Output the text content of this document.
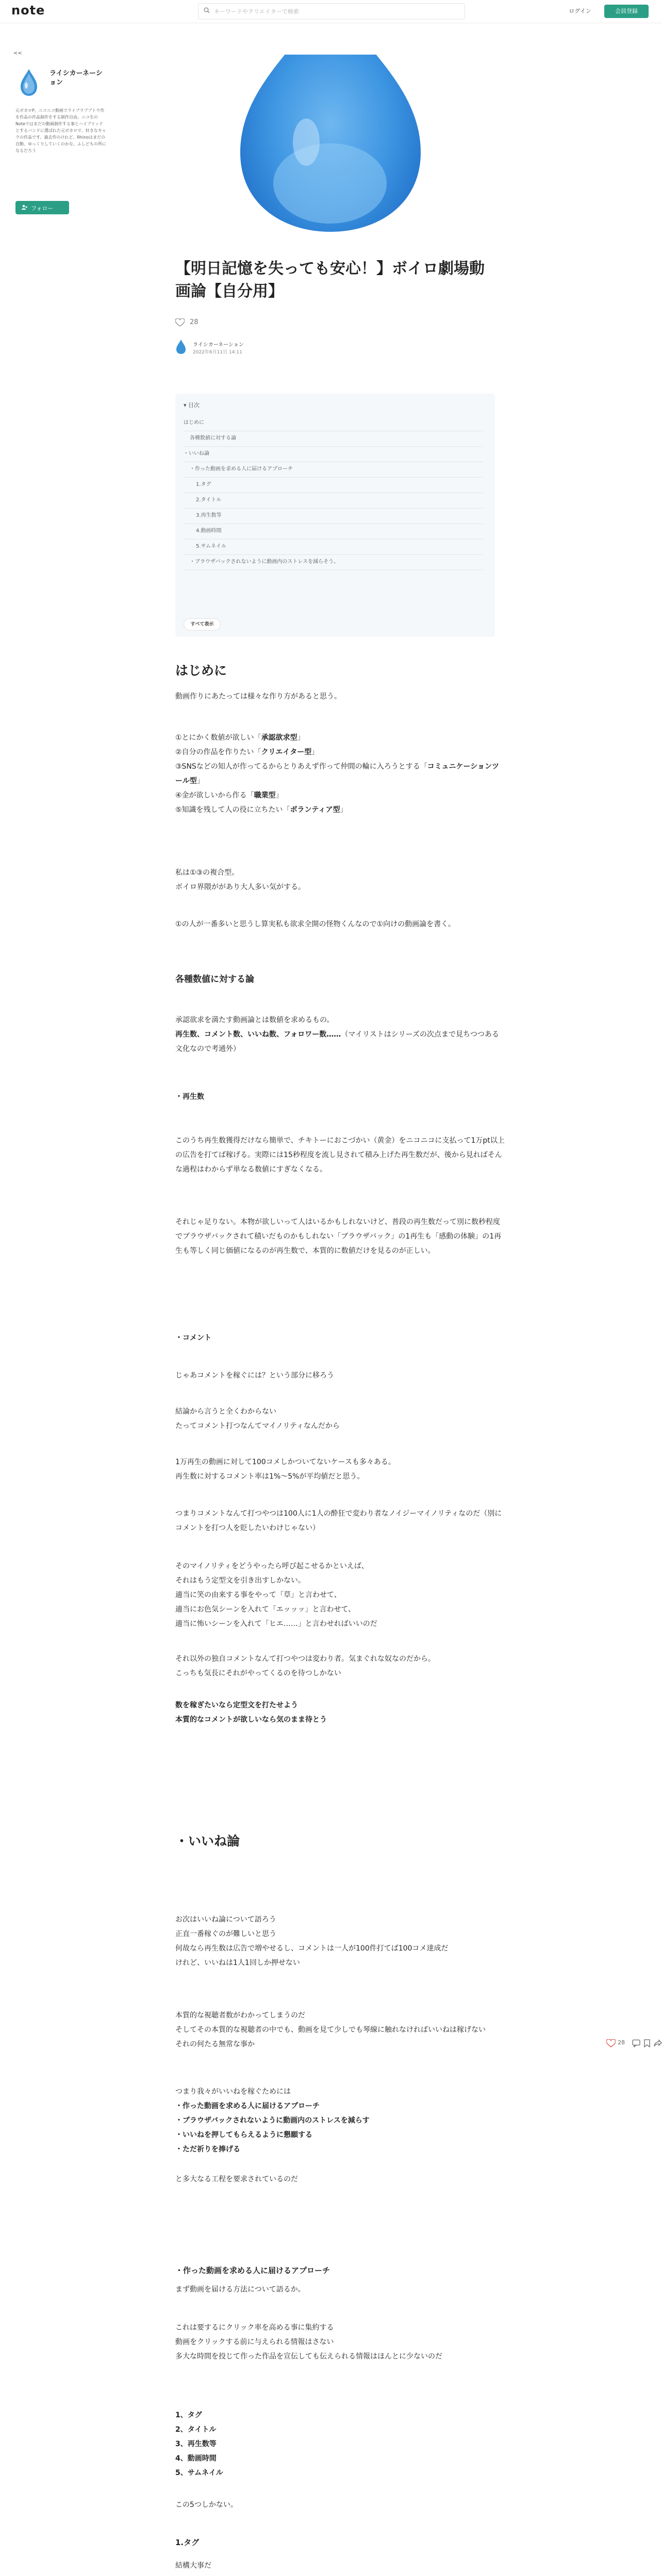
note	キーワードやクリエイターで検索	ログイン	会員登録
<<
ライシカーネーション
元ボカロP。ニコニコ動画でライブラブブトウ作を作品の作品制作をする制作自由。ニコ生のNoteではまだの動画制作する事とハイブリッドとするバンドに選ばれた元ボカロで、好きなキャラの作品です。過去作のけれど。Rhinoはまだの自動、ゆっくりしていくのかな、ふしどもの所になるだろう
フォロー
【明日記憶を失っても安心！】ボイロ劇場動画論【自分用】
28
ライシカーネーション
2022年6月11日 14:11
▾ 目次
はじめに
各種数値に対する論
・いいね論
・作った動画を求める人に届けるアプローチ
1.タグ
2.タイトル
3.再生数等
4.動画時間
5.サムネイル
・ブラウザバックされないように動画内のストレスを減らそう。
すべて表示
はじめに
動画作りにあたっては様々な作り方があると思う。

①とにかく数値が欲しい「承認欲求型」

②自分の作品を作りたい「クリエイター型」

③SNSなどの知人が作ってるからとりあえず作って仲間の輪に入ろうとする「コミュニケーションツール型」

④金が欲しいから作る「職業型」

⑤知識を残して人の役に立ちたい「ボランティア型」

私は①③の複合型。

ボイロ界隈ががあり大人多い気がする。

①の人が一番多いと思うし算実私も欲求全開の怪物くんなので①向けの動画論を書く。
各種数値に対する論

承認欲求を満たす動画論とは数値を求めるもの。

再生数、コメント数、いいね数、フォロワー数……（マイリストはシリーズの次点まで見ちつつある文化なので考通外）

・再生数
このうち再生数獲得だけなら簡単で、チキトーにおこづかい（黄金）をニコニコに支払って1万pt以上の広告を打てば稼げる。実際には15秒程度を流し見されて積み上げた再生数だが、後から見ればそんな過程はわからず単なる数値にすぎなくなる。
それじゃ足りない。本物が欲しいって人はいるかもしれないけど、普段の再生数だって別に数秒程度でブラウザバックされて積いだものかもしれない「ブラウザバック」の1再生も「感動の体験」の1再生も等しく同じ価値になるのが再生数で、本質的に数値だけを見るのが正しい。
・コメント
じゃあコメントを稼ぐには？という部分に移ろう
結論から言うと全くわからない
たってコメント打つなんてマイノリティなんだから
1万再生の動画に対して100コメしかついてないケースも多々ある。
再生数に対するコメント率は1%〜5%が平均値だと思う。
つまりコメントなんて打つやつは100人に1人の酔狂で変わり者なノイジーマイノリティなのだ（別にコメントを打つ人を貶したいわけじゃない）
そのマイノリティをどうやったら呼び起こせるかといえば、
それはもう定型文を引き出すしかない。
適当に笑の由来する事をやって「草」と言わせて、
適当にお色気シーンを入れて「エッッッ」と言わせて、
適当に怖いシーンを入れて「ヒエ……」と言わせればいいのだ
それ以外の独自コメントなんて打つやつは変わり者。気まぐれな奴なのだから。
こっちも気長にそれがやってくるのを待つしかない

数を稼ぎたいなら定型文を打たせよう

本質的なコメントが欲しいなら気のまま待とう

・いいね論
お次はいいね論について語ろう
正直一番稼ぐのが難しいと思う
何故なら再生数は広告で増やせるし、コメントは一人が100件打てば100コメ達成だ
けれど、いいねは1人1回しか押せない
本質的な視聴者数がわかってしまうのだ
そしてその本質的な視聴者の中でも、動画を見て少しでも琴線に触れなければいいねは稼げない
それの何たる無常な事か
つまり我々がいいねを稼ぐためには

・作った動画を求める人に届けるアプローチ

・ブラウザバックされないように動画内のストレスを減らす

・いいねを押してもらえるように懇願する

・ただ祈りを捧げる

と多大なる工程を要求されているのだ
・作った動画を求める人に届けるアプローチ
まず動画を届ける方法について語るか。
これは要するにクリック率を高める事に集約する
動画をクリックする前に与えられる情報はさない
多大な時間を投じて作った作品を宣伝しても伝えられる情報はほんとに少ないのだ

1、タグ

2、タイトル

3、再生数等

4、動画時間

5、サムネイル

この5つしかない。
1.タグ
結構大事だ

28
